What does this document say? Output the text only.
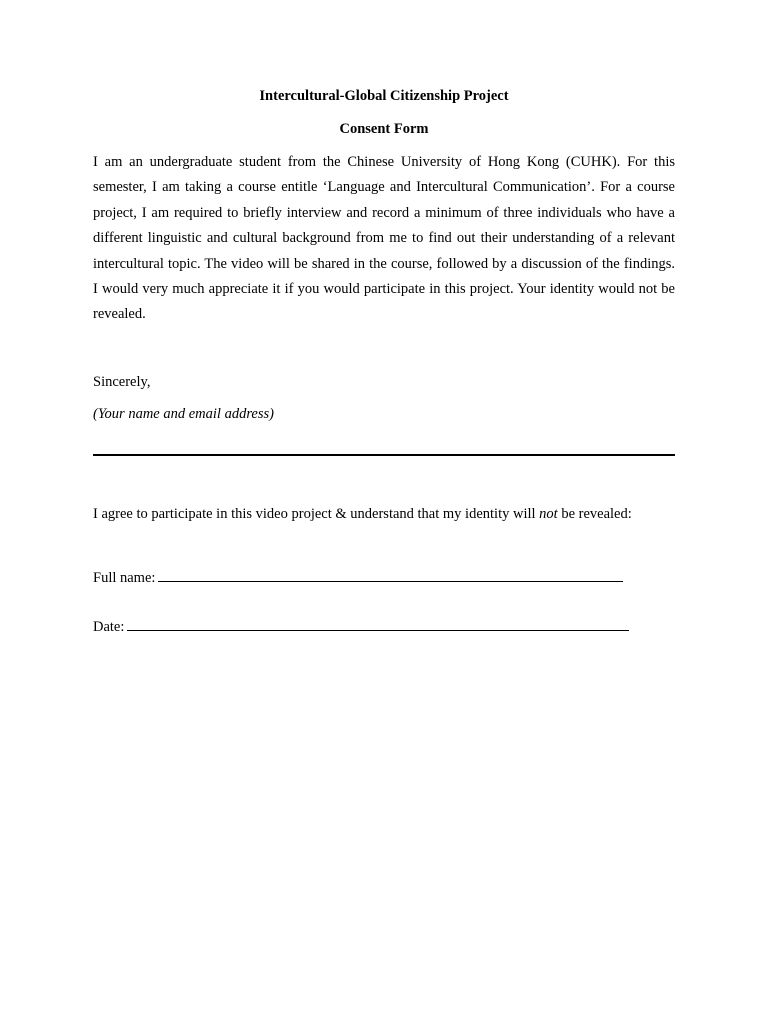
Intercultural-Global Citizenship Project
Consent Form

I am an undergraduate student from the Chinese University of Hong Kong (CUHK). For this semester, I am taking a course entitle ‘Language and Intercultural Communication’. For a course project, I am required to briefly interview and record a minimum of three individuals who have a different linguistic and cultural background from me to find out their understanding of a relevant intercultural topic. The video will be shared in the course, followed by a discussion of the findings. I would very much appreciate it if you would participate in this project. Your identity would not be revealed.

Sincerely,
(Your name and email address)
I agree to participate in this video project & understand that my identity will not be revealed:
Full name:
Date:
